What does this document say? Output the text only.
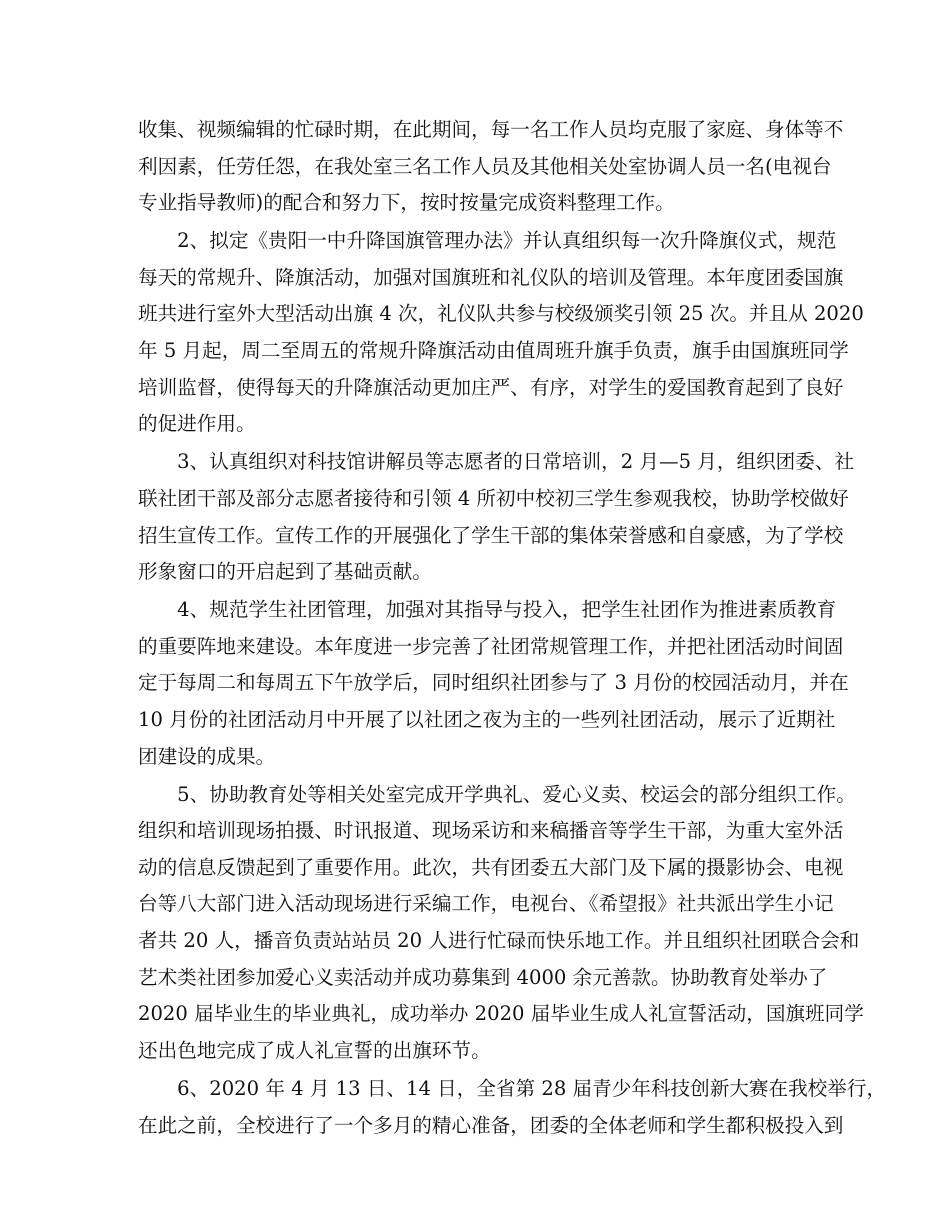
收集、视频编辑的忙碌时期，在此期间，每一名工作人员均克服了家庭、身体等不
利因素，任劳任怨，在我处室三名工作人员及其他相关处室协调人员一名(电视台
专业指导教师)的配合和努力下，按时按量完成资料整理工作。
　　2、拟定《贵阳一中升降国旗管理办法》并认真组织每一次升降旗仪式，规范
每天的常规升、降旗活动，加强对国旗班和礼仪队的培训及管理。本年度团委国旗
班共进行室外大型活动出旗 4 次，礼仪队共参与校级颁奖引领 25 次。并且从 2020
年 5 月起，周二至周五的常规升降旗活动由值周班升旗手负责，旗手由国旗班同学
培训监督，使得每天的升降旗活动更加庄严、有序，对学生的爱国教育起到了良好
的促进作用。
　　3、认真组织对科技馆讲解员等志愿者的日常培训，2 月—5 月，组织团委、社
联社团干部及部分志愿者接待和引领 4 所初中校初三学生参观我校，协助学校做好
招生宣传工作。宣传工作的开展强化了学生干部的集体荣誉感和自豪感，为了学校
形象窗口的开启起到了基础贡献。
　　4、规范学生社团管理，加强对其指导与投入，把学生社团作为推进素质教育
的重要阵地来建设。本年度进一步完善了社团常规管理工作，并把社团活动时间固
定于每周二和每周五下午放学后，同时组织社团参与了 3 月份的校园活动月，并在
10 月份的社团活动月中开展了以社团之夜为主的一些列社团活动，展示了近期社
团建设的成果。
　　5、协助教育处等相关处室完成开学典礼、爱心义卖、校运会的部分组织工作。
组织和培训现场拍摄、时讯报道、现场采访和来稿播音等学生干部，为重大室外活
动的信息反馈起到了重要作用。此次，共有团委五大部门及下属的摄影协会、电视
台等八大部门进入活动现场进行采编工作，电视台、《希望报》社共派出学生小记
者共 20 人，播音负责站站员 20 人进行忙碌而快乐地工作。并且组织社团联合会和
艺术类社团参加爱心义卖活动并成功募集到 4000 余元善款。协助教育处举办了
2020 届毕业生的毕业典礼，成功举办 2020 届毕业生成人礼宣誓活动，国旗班同学
还出色地完成了成人礼宣誓的出旗环节。
　　6、2020 年 4 月 13 日、14 日，全省第 28 届青少年科技创新大赛在我校举行，
在此之前，全校进行了一个多月的精心准备，团委的全体老师和学生都积极投入到
